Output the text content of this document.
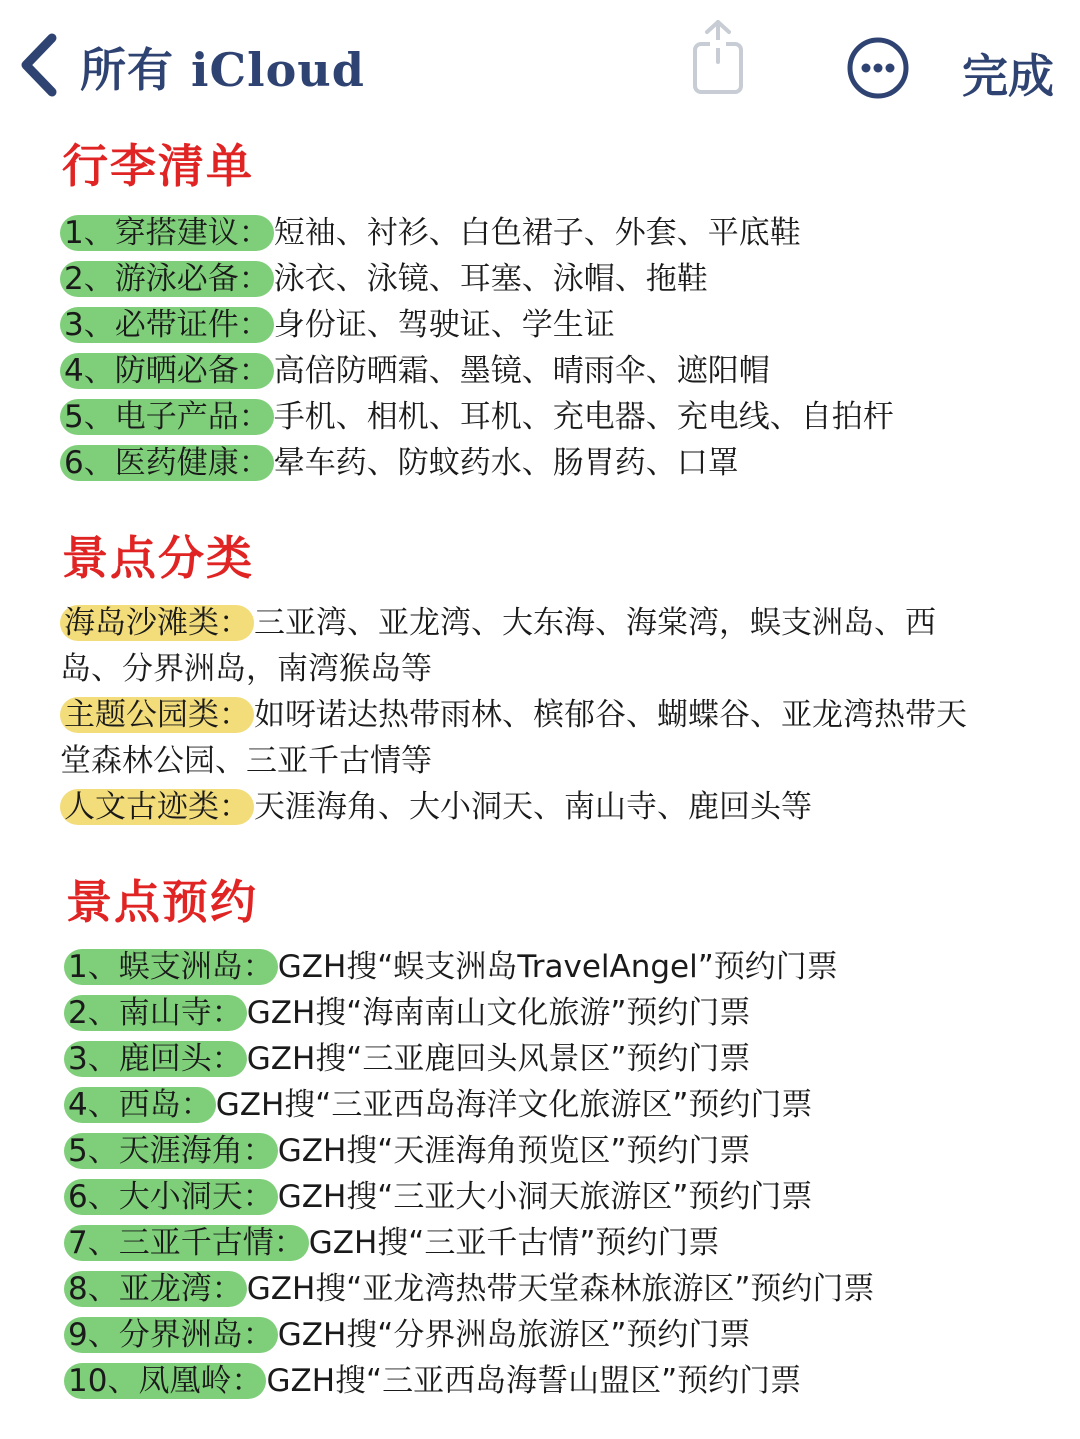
所有 iCloud	完成
行李清单
1、穿搭建议： 短袖、衬衫、白色裙子、外套、平底鞋
2、游泳必备： 泳衣、泳镜、耳塞、泳帽、拖鞋
3、必带证件： 身份证、驾驶证、学生证
4、防晒必备： 高倍防晒霜、墨镜、晴雨伞、遮阳帽
5、电子产品： 手机、相机、耳机、充电器、充电线、自拍杆
6、医药健康： 晕车药、防蚊药水、肠胃药、口罩
景点分类
海岛沙滩类： 三亚湾、亚龙湾、大东海、海棠湾，蜈支洲岛、西
岛、分界洲岛，南湾猴岛等
主题公园类： 如呀诺达热带雨林、槟郁谷、蝴蝶谷、亚龙湾热带天
堂森林公园、三亚千古情等
人文古迹类： 天涯海角、大小洞天、南山寺、鹿回头等
景点预约
1、蜈支洲岛： GZH搜“蜈支洲岛TravelAngel”预约门票
2、南山寺： GZH搜“海南南山文化旅游”预约门票
3、鹿回头： GZH搜“三亚鹿回头风景区”预约门票
4、西岛： GZH搜“三亚西岛海洋文化旅游区”预约门票
5、天涯海角： GZH搜“天涯海角预览区”预约门票
6、大小洞天： GZH搜“三亚大小洞天旅游区”预约门票
7、三亚千古情： GZH搜“三亚千古情”预约门票
8、亚龙湾： GZH搜“亚龙湾热带天堂森林旅游区”预约门票
9、分界洲岛： GZH搜“分界洲岛旅游区”预约门票
10、凤凰岭： GZH搜“三亚西岛海誓山盟区”预约门票
